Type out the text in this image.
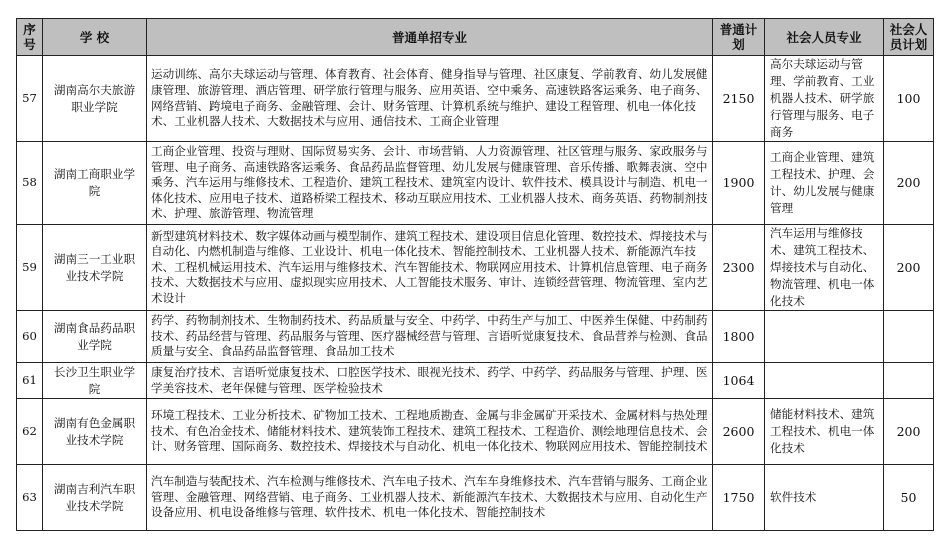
序号	学 校	普通单招专业	普通计划	社会人员专业	社会人员计划
57	湖南高尔夫旅游职业学院	运动训练、高尔夫球运动与管理、体育教育、社会体育、健身指导与管理、社区康复、学前教育、幼儿发展健康管理、旅游管理、酒店管理、研学旅行管理与服务、应用英语、空中乘务、高速铁路客运乘务、电子商务、网络营销、跨境电子商务、金融管理、会计、财务管理、计算机系统与维护、建设工程管理、机电一体化技术、工业机器人技术、大数据技术与应用、通信技术、工商企业管理	2150	高尔夫球运动与管理、学前教育、工业机器人技术、研学旅行管理与服务、电子商务	100
58	湖南工商职业学院	工商企业管理、投资与理财、国际贸易实务、会计、市场营销、人力资源管理、社区管理与服务、家政服务与管理、电子商务、高速铁路客运乘务、食品药品监督管理、幼儿发展与健康管理、音乐传播、歌舞表演、空中乘务、汽车运用与维修技术、工程造价、建筑工程技术、建筑室内设计、软件技术、模具设计与制造、机电一体化技术、应用电子技术、道路桥梁工程技术、移动互联应用技术、工业机器人技术、商务英语、药物制剂技术、护理、旅游管理、物流管理	1900	工商企业管理、建筑工程技术、护理、会计、幼儿发展与健康管理	200
59	湖南三一工业职业技术学院	新型建筑材料技术、数字媒体动画与模型制作、建筑工程技术、建设项目信息化管理、数控技术、焊接技术与自动化、内燃机制造与维修、工业设计、机电一体化技术、智能控制技术、工业机器人技术、新能源汽车技术、工程机械运用技术、汽车运用与维修技术、汽车智能技术、物联网应用技术、计算机信息管理、电子商务技术、大数据技术与应用、虚拟现实应用技术、人工智能技术服务、审计、连锁经营管理、物流管理、室内艺术设计	2300	汽车运用与维修技术、建筑工程技术、焊接技术与自动化、物流管理、机电一体化技术	200
60	湖南食品药品职业学院	药学、药物制剂技术、生物制药技术、药品质量与安全、中药学、中药生产与加工、中医养生保健、中药制药技术、药品经营与管理、药品服务与管理、医疗器械经营与管理、言语听觉康复技术、食品营养与检测、食品质量与安全、食品药品监督管理、食品加工技术	1800		
61	长沙卫生职业学院	康复治疗技术、言语听觉康复技术、口腔医学技术、眼视光技术、药学、中药学、药品服务与管理、护理、医学美容技术、老年保健与管理、医学检验技术	1064		
62	湖南有色金属职业技术学院	环境工程技术、工业分析技术、矿物加工技术、工程地质勘查、金属与非金属矿开采技术、金属材料与热处理技术、有色冶金技术、储能材料技术、建筑装饰工程技术、建筑工程技术、工程造价、测绘地理信息技术、会计、财务管理、国际商务、数控技术、焊接技术与自动化、机电一体化技术、物联网应用技术、智能控制技术	2600	储能材料技术、建筑工程技术、机电一体化技术	200
63	湖南吉利汽车职业技术学院	汽车制造与装配技术、汽车检测与维修技术、汽车电子技术、汽车车身维修技术、汽车营销与服务、工商企业管理、金融管理、网络营销、电子商务、工业机器人技术、新能源汽车技术、大数据技术与应用、自动化生产设备应用、机电设备维修与管理、软件技术、机电一体化技术、智能控制技术	1750	软件技术	50
